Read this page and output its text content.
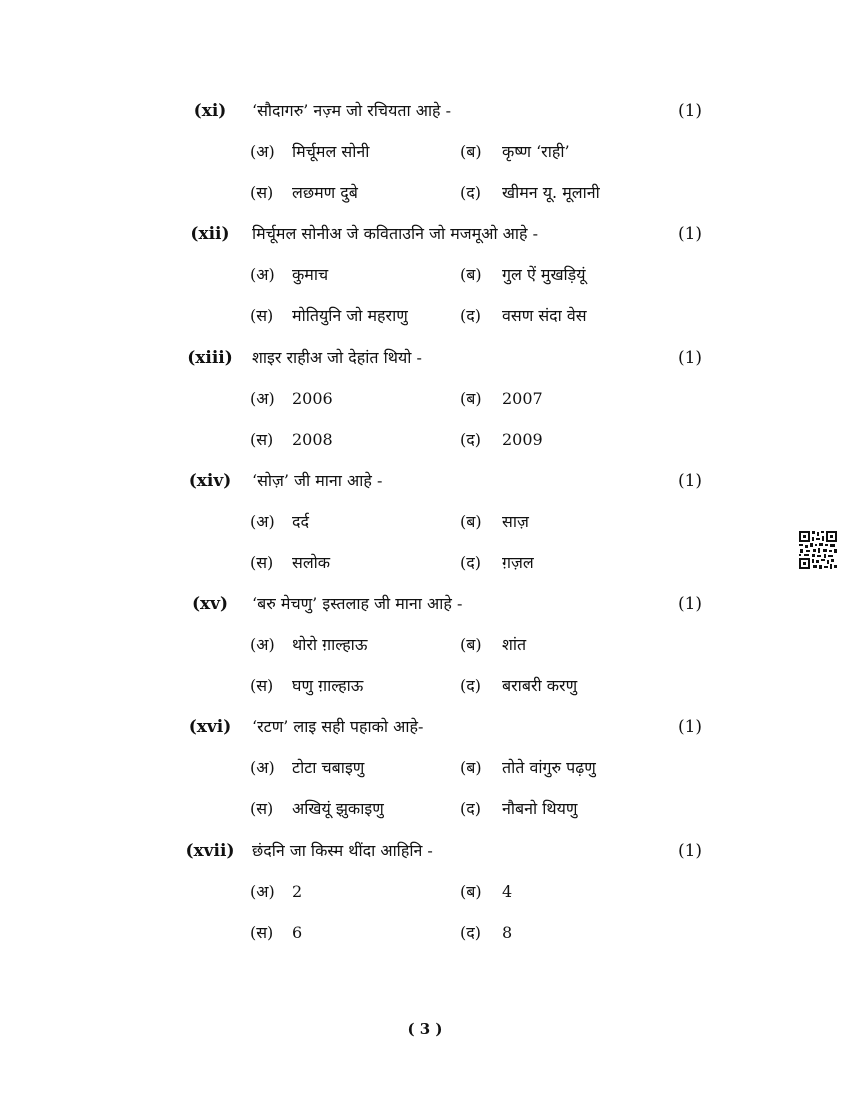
(xi)	‘सौदागरु’ नज़्म जो रचियता आहे -	(1)
(अ) मिर्चूमल सोनी	(ब) कृष्ण ‘राही’
(स) लछमण दुबे	(द) खीमन यू. मूलानी
(xii)	मिर्चूमल सोनीअ जे कविताउनि जो मजमूओ आहे -	(1)
(अ) कुमाच	(ब) गुल ऐं मुखड़ियूं
(स) मोतियुनि जो महराणु	(द) वसण संदा वेस
(xiii)	शाइर राहीअ जो देहांत थियो -	(1)
(अ) 2006	(ब) 2007
(स) 2008	(द) 2009
(xiv)	‘सोज़’ जी माना आहे -	(1)
(अ) दर्द	(ब) साज़
(स) सलोक	(द) ग़ज़ल
(xv)	‘बरु मेचणु’ इस्तलाह जी माना आहे -	(1)
(अ) थोरो ग़ाल्हाऊ	(ब) शांत
(स) घणु ग़ाल्हाऊ	(द) बराबरी करणु
(xvi)	‘रटण’ लाइ सही पहाको आहे-	(1)
(अ) टोटा चबाइणु	(ब) तोते वांगुरु पढ़णु
(स) अखियूं झुकाइणु	(द) नौबनो थियणु
(xvii)	छंदनि जा किस्म थींदा आहिनि -	(1)
(अ) 2	(ब) 4
(स) 6	(द) 8
( 3 )
